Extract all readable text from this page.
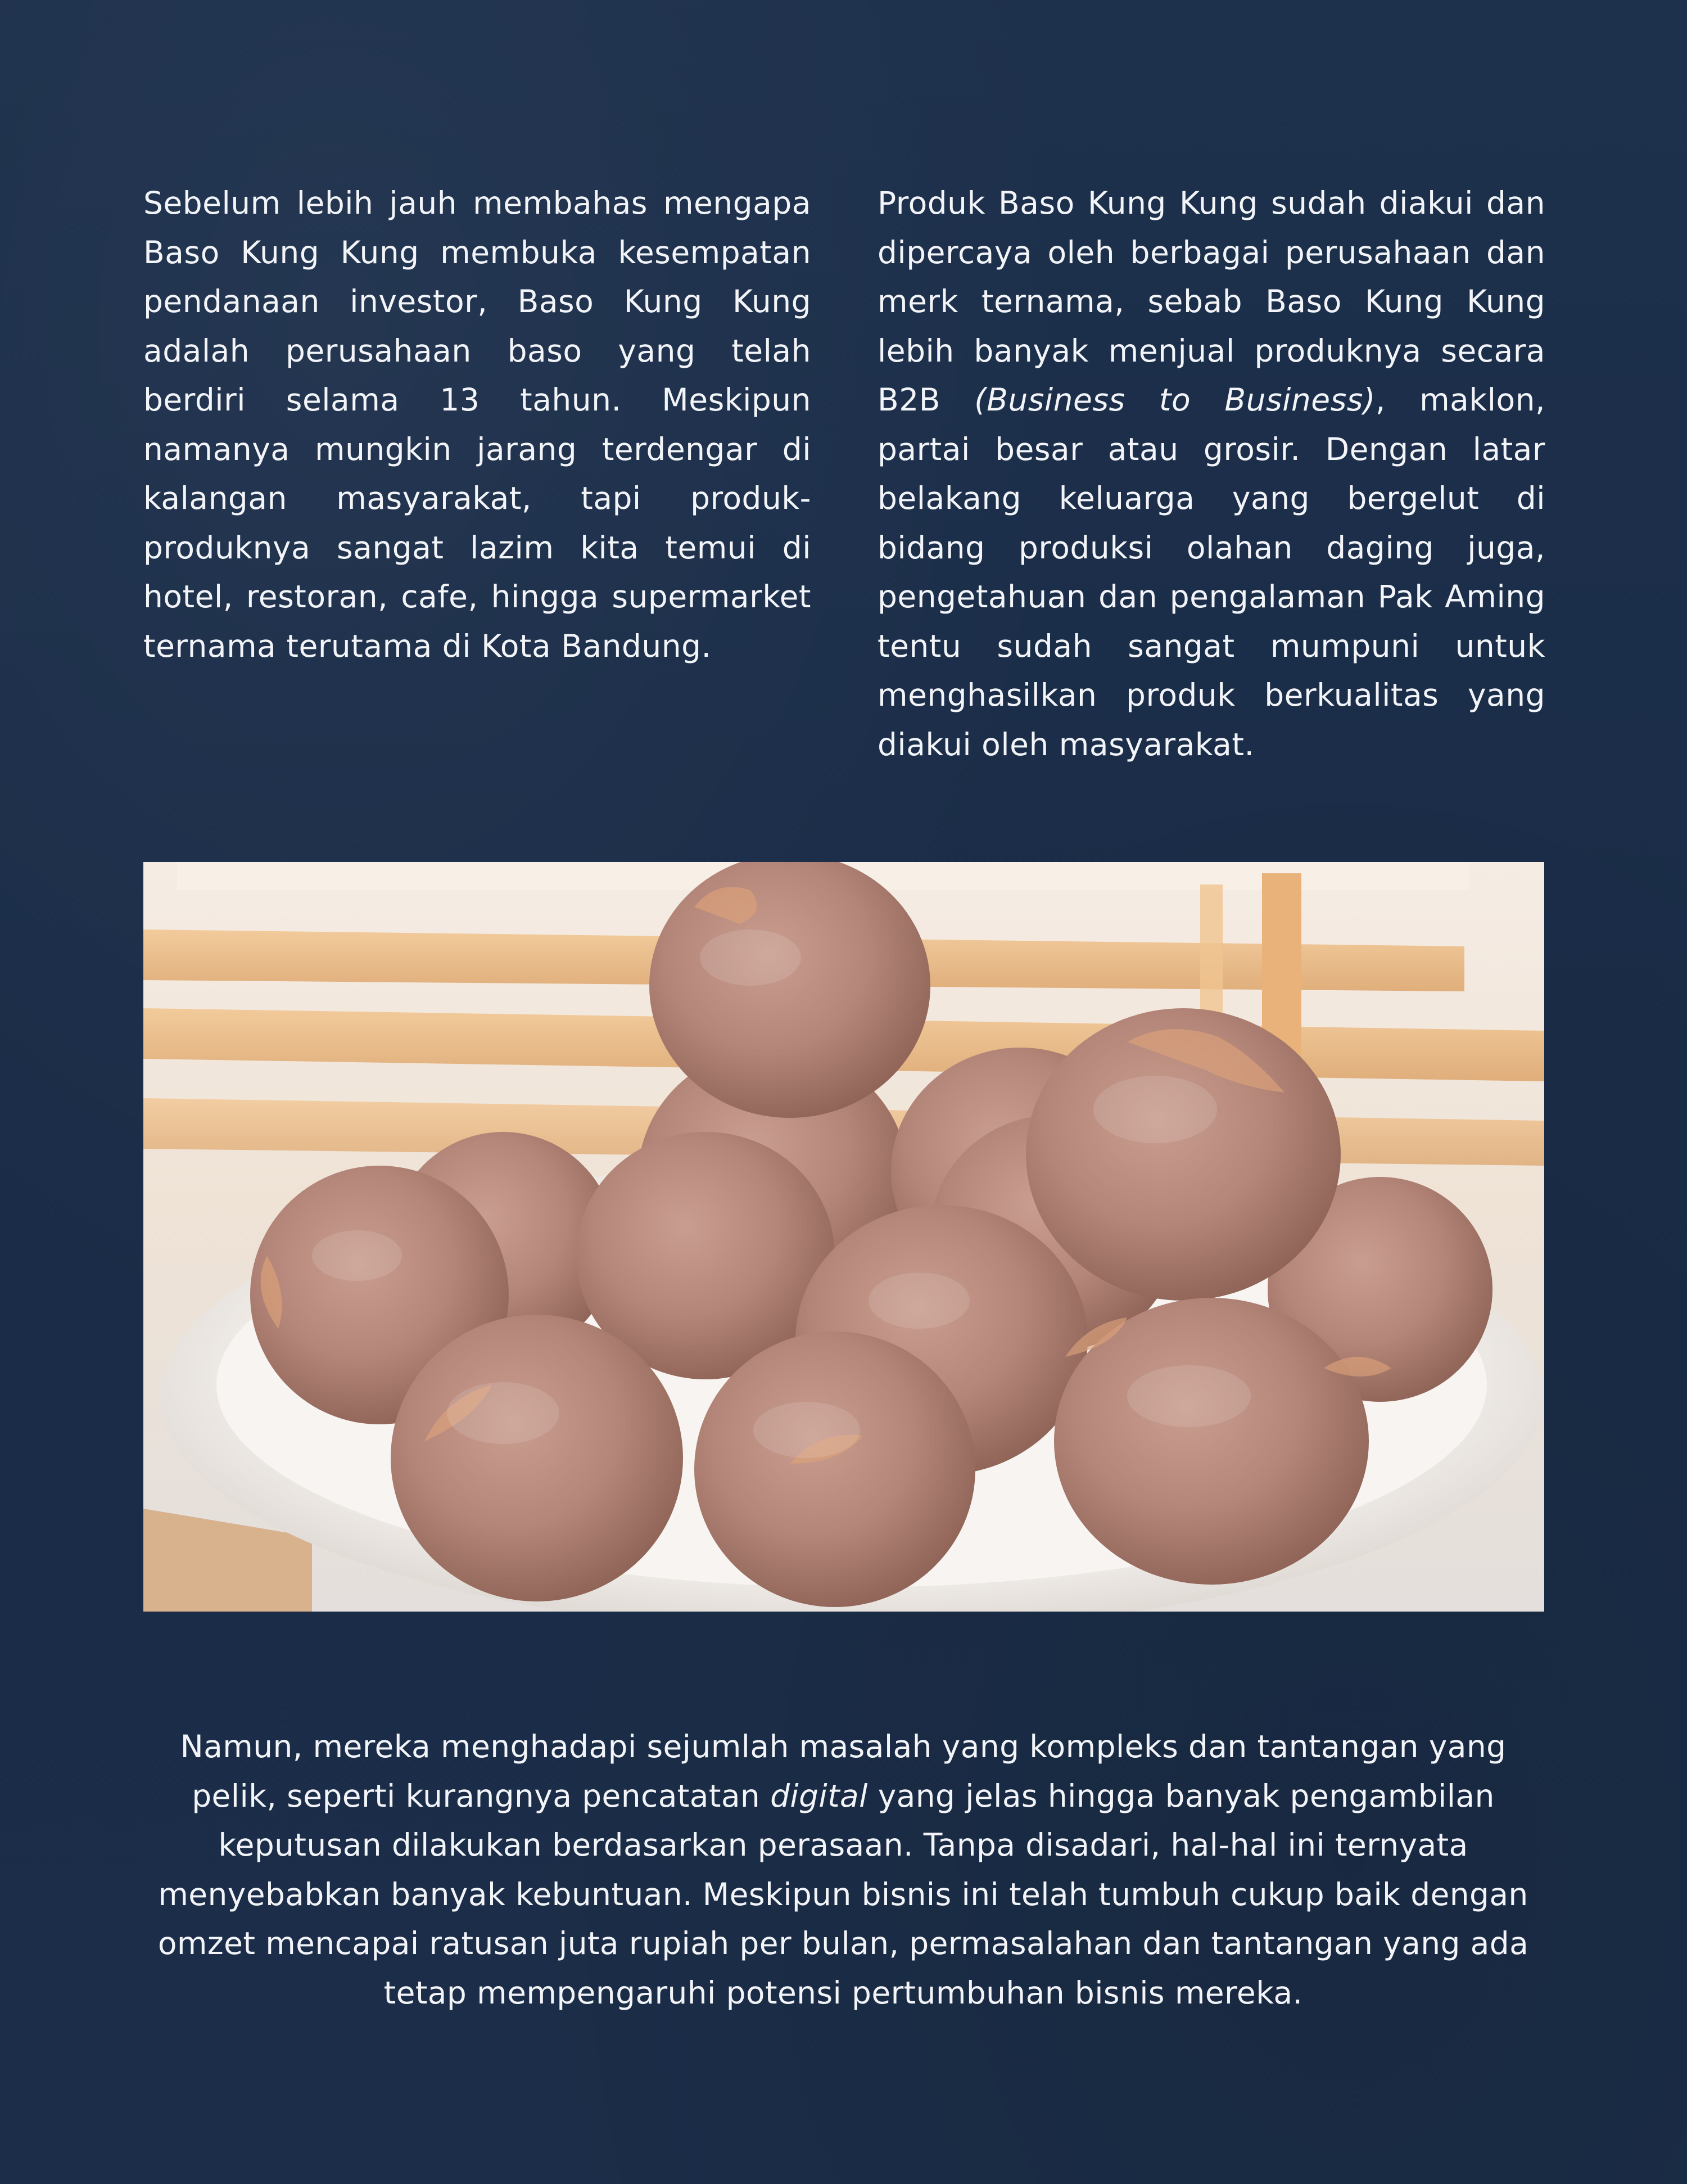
Sebelum lebih jauh membahas mengapa Baso Kung Kung membuka kesempatan pendanaan investor, Baso Kung Kung adalah perusahaan baso yang telah berdiri selama 13 tahun. Meskipun namanya mungkin jarang terdengar di kalangan masyarakat, tapi produk-produknya sangat lazim kita temui di hotel, restoran, cafe, hingga supermarket ternama terutama di Kota Bandung.
Produk Baso Kung Kung sudah diakui dan dipercaya oleh berbagai perusahaan dan merk ternama, sebab Baso Kung Kung lebih banyak menjual produknya secara B2B (Business to Business), maklon, partai besar atau grosir. Dengan latar belakang keluarga yang bergelut di bidang produksi olahan daging juga, pengetahuan dan pengalaman Pak Aming tentu sudah sangat mumpuni untuk menghasilkan produk berkualitas yang diakui oleh masyarakat.
Namun, mereka menghadapi sejumlah masalah yang kompleks dan tantangan yang pelik, seperti kurangnya pencatatan digital yang jelas hingga banyak pengambilan keputusan dilakukan berdasarkan perasaan. Tanpa disadari, hal-hal ini ternyata menyebabkan banyak kebuntuan. Meskipun bisnis ini telah tumbuh cukup baik dengan omzet mencapai ratusan juta rupiah per bulan, permasalahan dan tantangan yang ada tetap mempengaruhi potensi pertumbuhan bisnis mereka.
